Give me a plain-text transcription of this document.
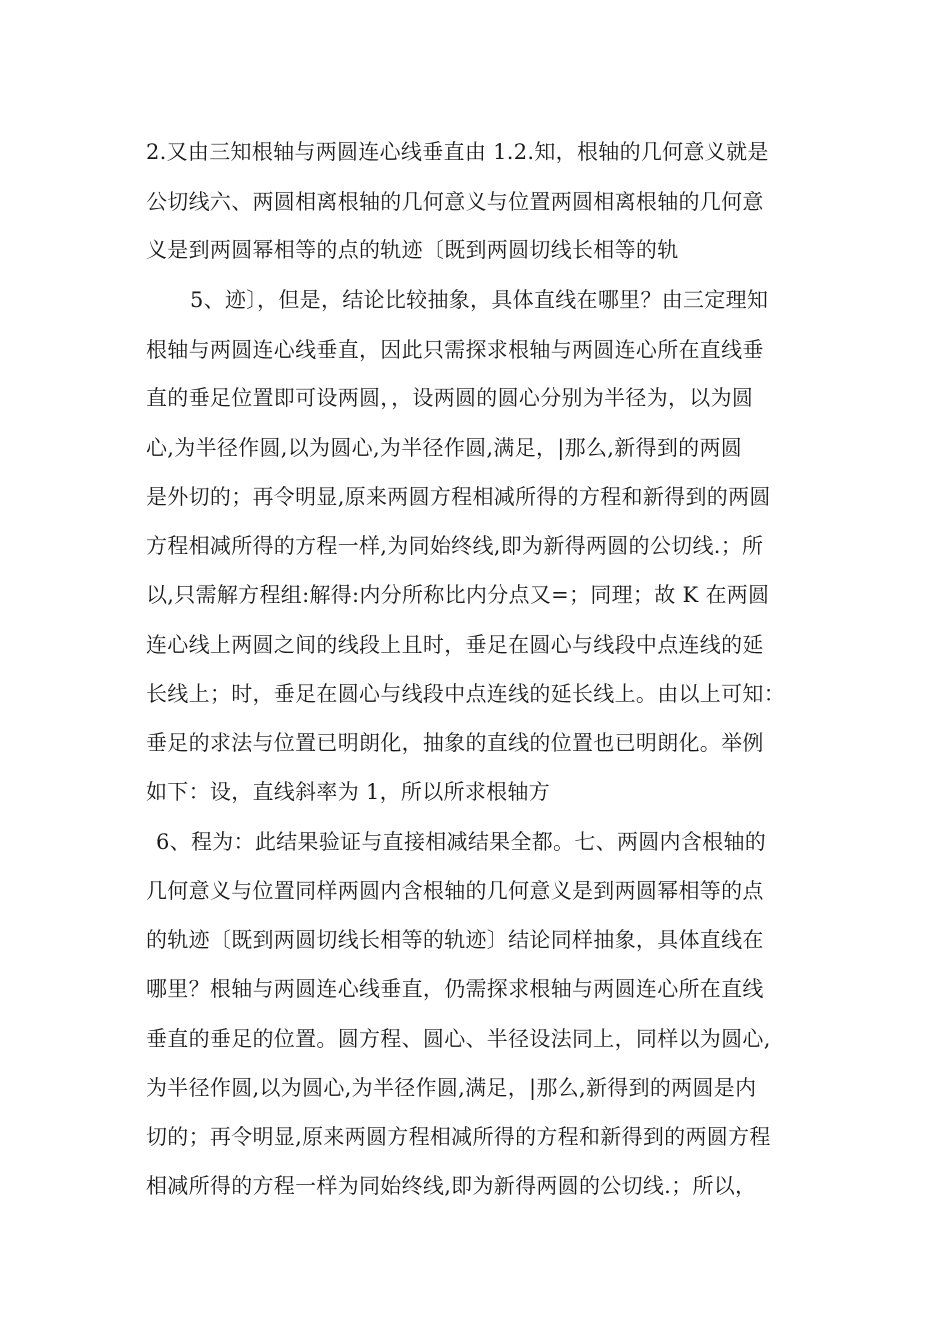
2.又由三知根轴与两圆连心线垂直由 1.2.知，根轴的几何意义就是
公切线六、两圆相离根轴的几何意义与位置两圆相离根轴的几何意
义是到两圆幂相等的点的轨迹〔既到两圆切线长相等的轨
5、迹〕，但是，结论比较抽象，具体直线在哪里？由三定理知
根轴与两圆连心线垂直，因此只需探求根轴与两圆连心所在直线垂
直的垂足位置即可设两圆，，设两圆的圆心分别为半径为，以为圆
心,为半径作圆,以为圆心,为半径作圆,满足，|那么,新得到的两圆
是外切的；再令明显,原来两圆方程相减所得的方程和新得到的两圆
方程相减所得的方程一样,为同始终线,即为新得两圆的公切线.；所
以,只需解方程组:解得:内分所称比内分点又=；同理；故 K 在两圆
连心线上两圆之间的线段上且时，垂足在圆心与线段中点连线的延
长线上；时，垂足在圆心与线段中点连线的延长线上。由以上可知：
垂足的求法与位置已明朗化，抽象的直线的位置也已明朗化。举例
如下：设，直线斜率为 1，所以所求根轴方
6、程为：此结果验证与直接相减结果全都。七、两圆内含根轴的
几何意义与位置同样两圆内含根轴的几何意义是到两圆幂相等的点
的轨迹〔既到两圆切线长相等的轨迹〕结论同样抽象，具体直线在
哪里？根轴与两圆连心线垂直，仍需探求根轴与两圆连心所在直线
垂直的垂足的位置。圆方程、圆心、半径设法同上，同样以为圆心,
为半径作圆,以为圆心,为半径作圆,满足，|那么,新得到的两圆是内
切的；再令明显,原来两圆方程相减所得的方程和新得到的两圆方程
相减所得的方程一样为同始终线,即为新得两圆的公切线.；所以，
